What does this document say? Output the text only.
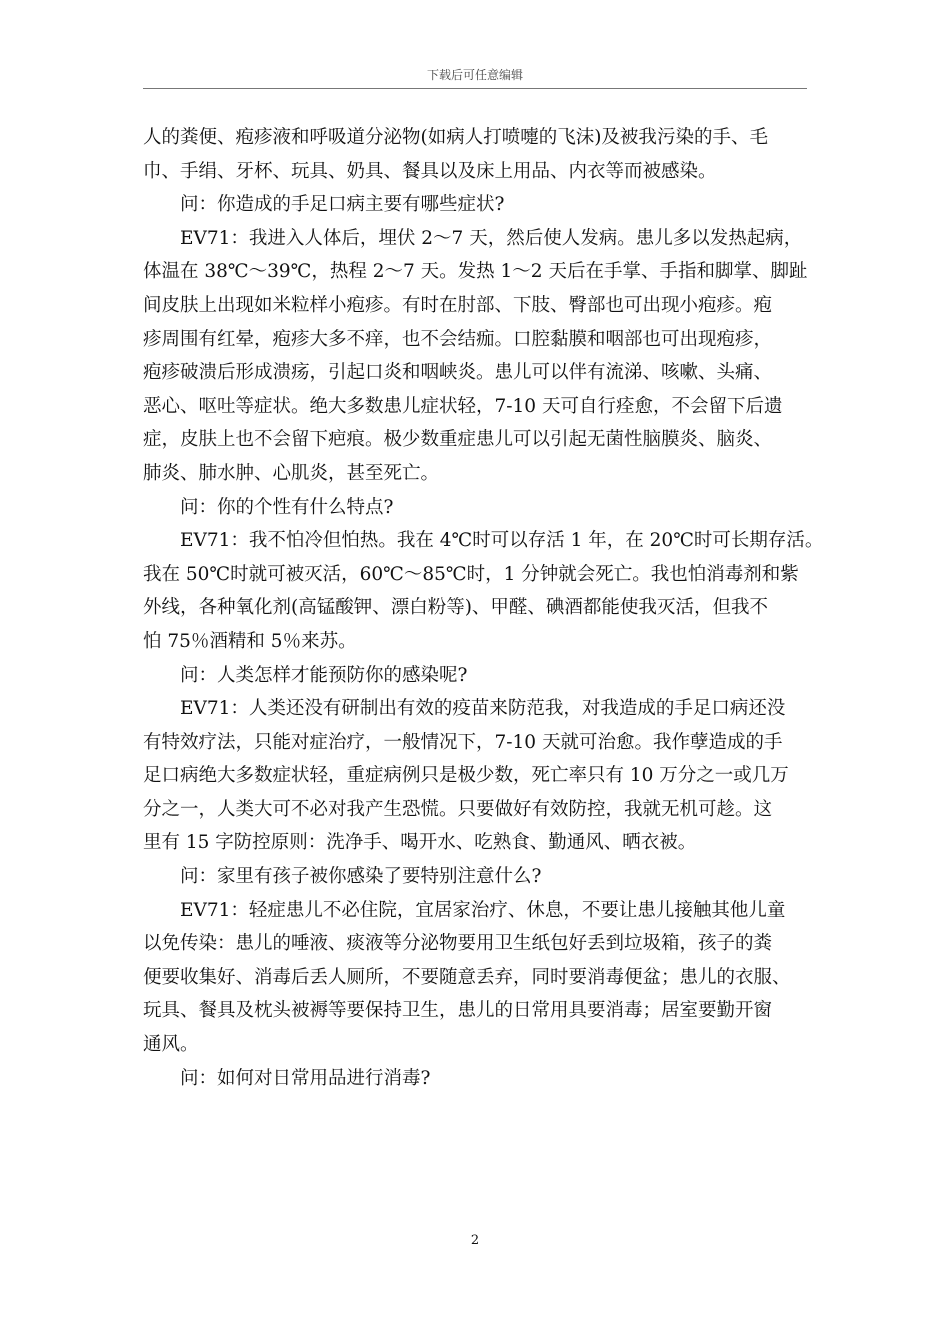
下载后可任意编辑
人的粪便、疱疹液和呼吸道分泌物(如病人打喷嚏的飞沫)及被我污染的手、毛
巾、手绢、牙杯、玩具、奶具、餐具以及床上用品、内衣等而被感染。
问：你造成的手足口病主要有哪些症状?
EV71：我进入人体后，埋伏 2～7 天，然后使人发病。患儿多以发热起病，
体温在 38℃～39℃，热程 2～7 天。发热 1～2 天后在手掌、手指和脚掌、脚趾
间皮肤上出现如米粒样小疱疹。有时在肘部、下肢、臀部也可出现小疱疹。疱
疹周围有红晕，疱疹大多不痒，也不会结痂。口腔黏膜和咽部也可出现疱疹，
疱疹破溃后形成溃疡，引起口炎和咽峡炎。患儿可以伴有流涕、咳嗽、头痛、
恶心、呕吐等症状。绝大多数患儿症状轻，7-10 天可自行痊愈，不会留下后遗
症，皮肤上也不会留下疤痕。极少数重症患儿可以引起无菌性脑膜炎、脑炎、
肺炎、肺水肿、心肌炎，甚至死亡。
问：你的个性有什么特点?
EV71：我不怕冷但怕热。我在 4℃时可以存活 1 年，在 20℃时可长期存活。
我在 50℃时就可被灭活，60℃～85℃时，1 分钟就会死亡。我也怕消毒剂和紫
外线，各种氧化剂(高锰酸钾、漂白粉等)、甲醛、碘酒都能使我灭活，但我不
怕 75％酒精和 5％来苏。
问：人类怎样才能预防你的感染呢?
EV71：人类还没有研制出有效的疫苗来防范我，对我造成的手足口病还没
有特效疗法，只能对症治疗，一般情况下，7-10 天就可治愈。我作孽造成的手
足口病绝大多数症状轻，重症病例只是极少数，死亡率只有 10 万分之一或几万
分之一，人类大可不必对我产生恐慌。只要做好有效防控，我就无机可趁。这
里有 15 字防控原则：洗净手、喝开水、吃熟食、勤通风、晒衣被。
问：家里有孩子被你感染了要特别注意什么?
EV71：轻症患儿不必住院，宜居家治疗、休息，不要让患儿接触其他儿童
以免传染：患儿的唾液、痰液等分泌物要用卫生纸包好丢到垃圾箱，孩子的粪
便要收集好、消毒后丢人厕所，不要随意丢弃，同时要消毒便盆；患儿的衣服、
玩具、餐具及枕头被褥等要保持卫生，患儿的日常用具要消毒；居室要勤开窗
通风。
问：如何对日常用品进行消毒?
2
